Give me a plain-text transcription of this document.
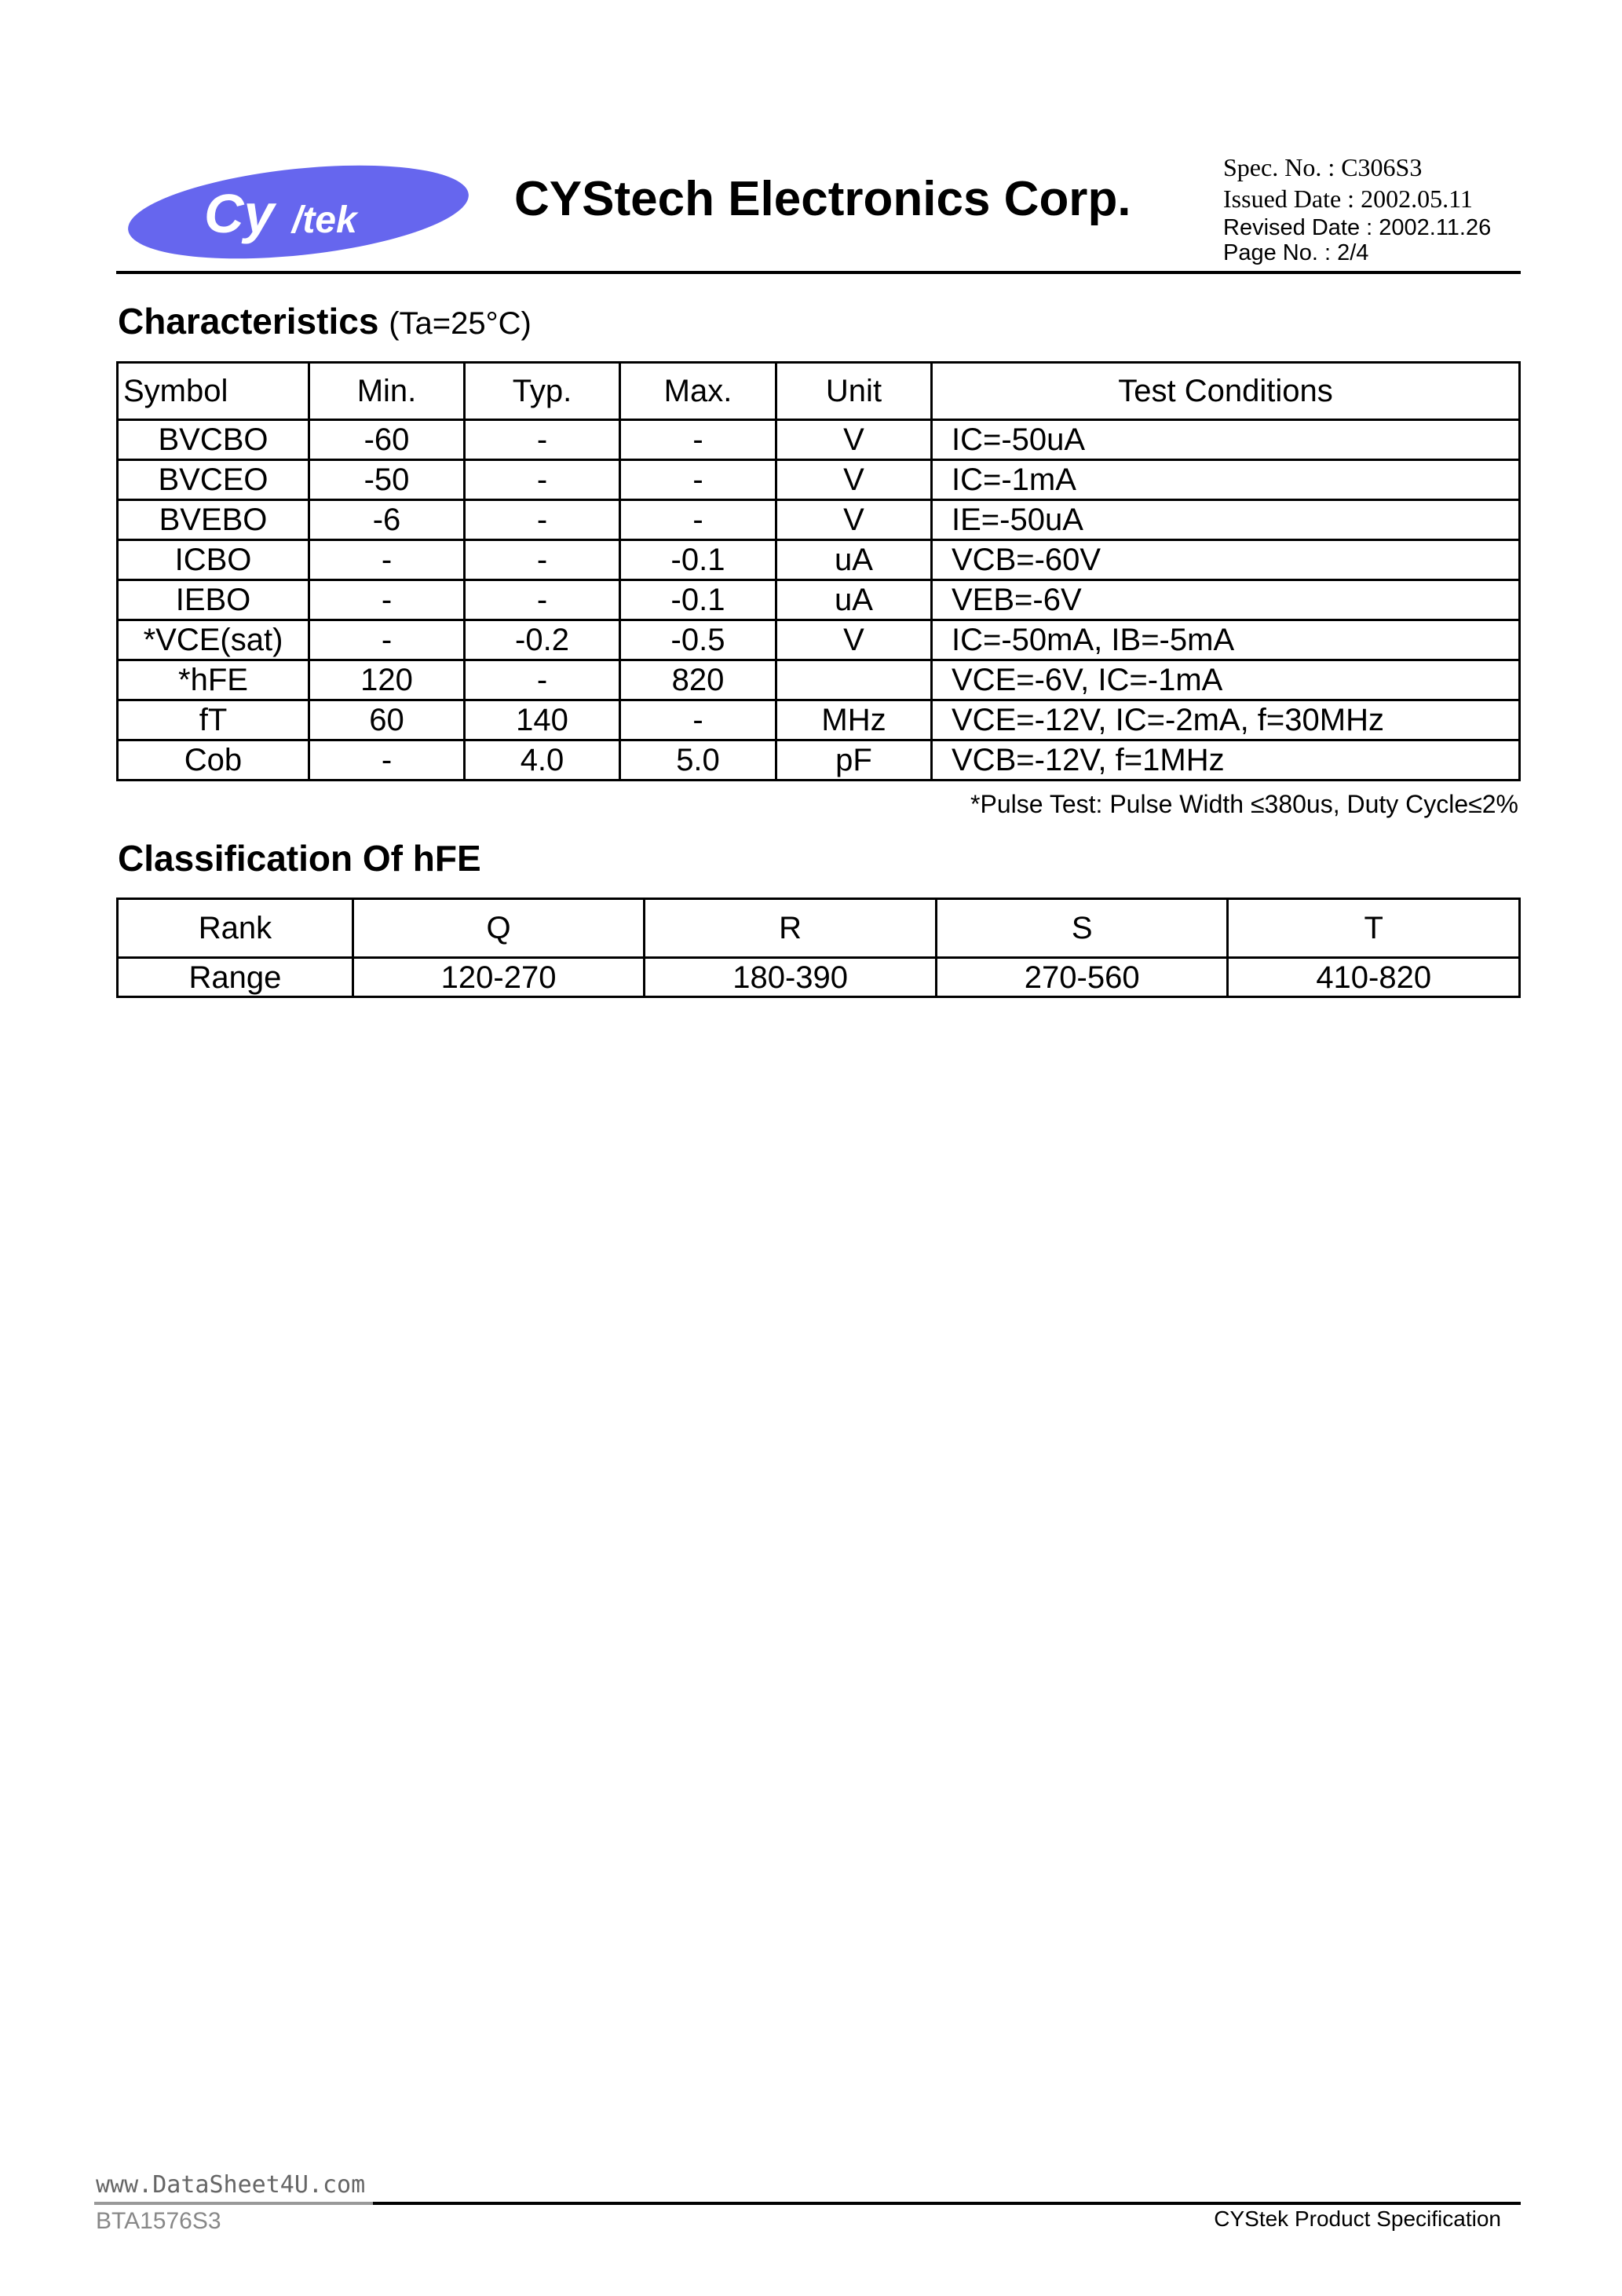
Cy /tek	CYStech Electronics Corp.
Spec. No. : C306S3
Issued Date : 2002.05.11
Revised Date : 2002.11.26
Page No. : 2/4
Characteristics (Ta=25°C)
Symbol	Min.	Typ.	Max.	Unit	Test Conditions
BVCBO	-60	-	-	V	IC=-50uA
BVCEO	-50	-	-	V	IC=-1mA
BVEBO	-6	-	-	V	IE=-50uA
ICBO	-	-	-0.1	uA	VCB=-60V
IEBO	-	-	-0.1	uA	VEB=-6V
*VCE(sat)	-	-0.2	-0.5	V	IC=-50mA, IB=-5mA
*hFE	120	-	820		VCE=-6V, IC=-1mA
fT	60	140	-	MHz	VCE=-12V, IC=-2mA, f=30MHz
Cob	-	4.0	5.0	pF	VCB=-12V, f=1MHz
*Pulse Test: Pulse Width ≤380us, Duty Cycle≤2%
Classification Of hFE
Rank	Q	R	S	T
Range	120-270	180-390	270-560	410-820
www.DataSheet4U.com
BTA1576S3	CYStek Product Specification
